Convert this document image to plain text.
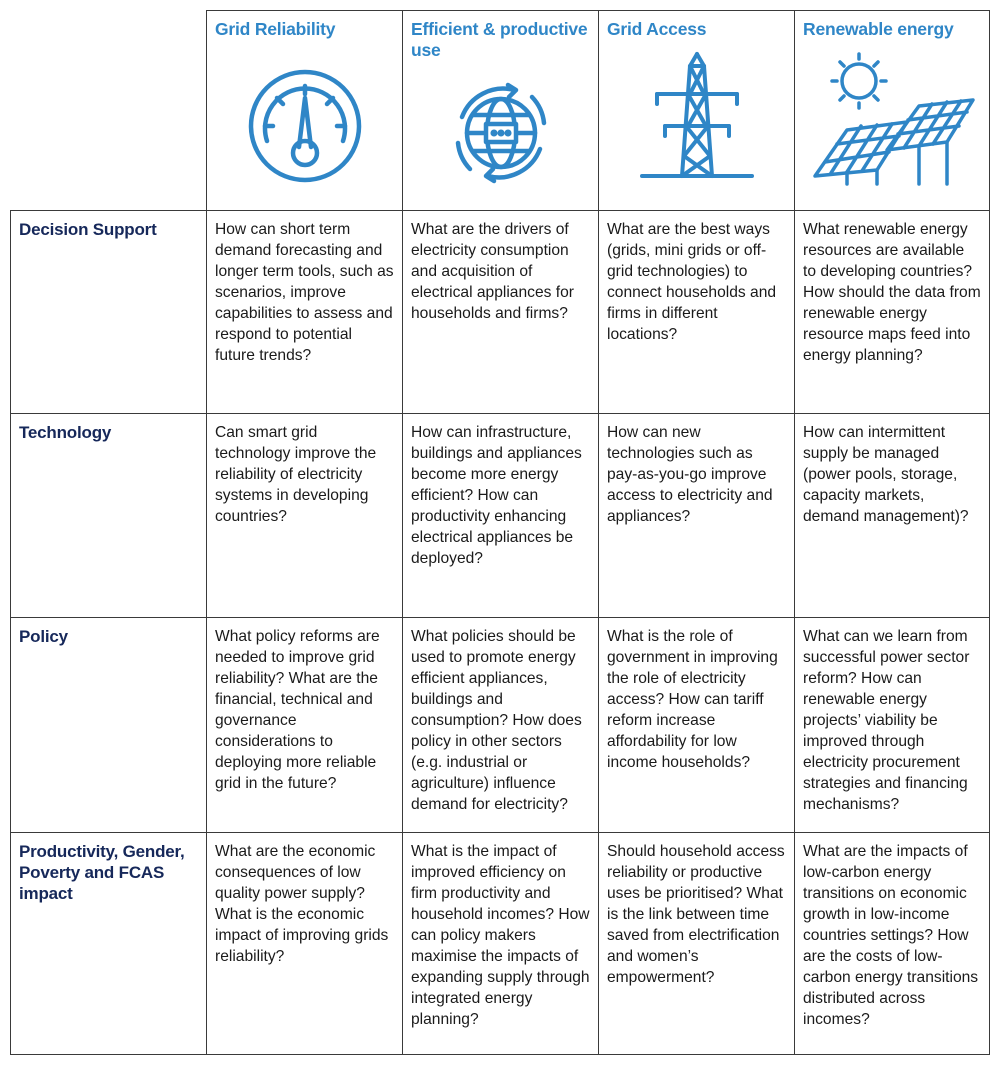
	Grid Reliability	Efficient & productive use	Grid Access	Renewable energy

Decision Support	How can short term demand forecasting and longer term tools, such as scenarios, improve capabilities to assess and respond to potential future trends?	What are the drivers of electricity consumption and acquisition of electrical appliances for households and firms?	What are the best ways (grids, mini grids or off-grid technologies) to connect households and firms in different locations?	What renewable energy resources are available to developing countries? How should the data from renewable energy resource maps feed into energy planning?

Technology	Can smart grid technology improve the reliability of electricity systems in developing countries?	How can infrastructure, buildings and appliances become more energy efficient? How can productivity enhancing electrical appliances be deployed?	How can new technologies such as pay-as-you-go improve access to electricity and appliances?	How can intermittent supply be managed (power pools, storage, capacity markets, demand management)?

Policy	What policy reforms are needed to improve grid reliability? What are the financial, technical and governance considerations to deploying more reliable grid in the future?	What policies should be used to promote energy efficient appliances, buildings and consumption? How does policy in other sectors (e.g. industrial or agriculture) influence demand for electricity?	What is the role of government in improving the role of electricity access? How can tariff reform increase affordability for low income households?	What can we learn from successful power sector reform? How can renewable energy projects’ viability be improved through electricity procurement strategies and financing mechanisms?

Productivity, Gender, Poverty and FCAS impact	What are the economic consequences of low quality power supply? What is the economic impact of improving grids reliability?	What is the impact of improved efficiency on firm productivity and household incomes? How can policy makers maximise the impacts of expanding supply through integrated energy planning?	Should household access reliability or productive uses be prioritised? What is the link between time saved from electrification and women’s empowerment?	What are the impacts of low-carbon energy transitions on economic growth in low-income countries settings? How are the costs of low-carbon energy transitions distributed across incomes?
